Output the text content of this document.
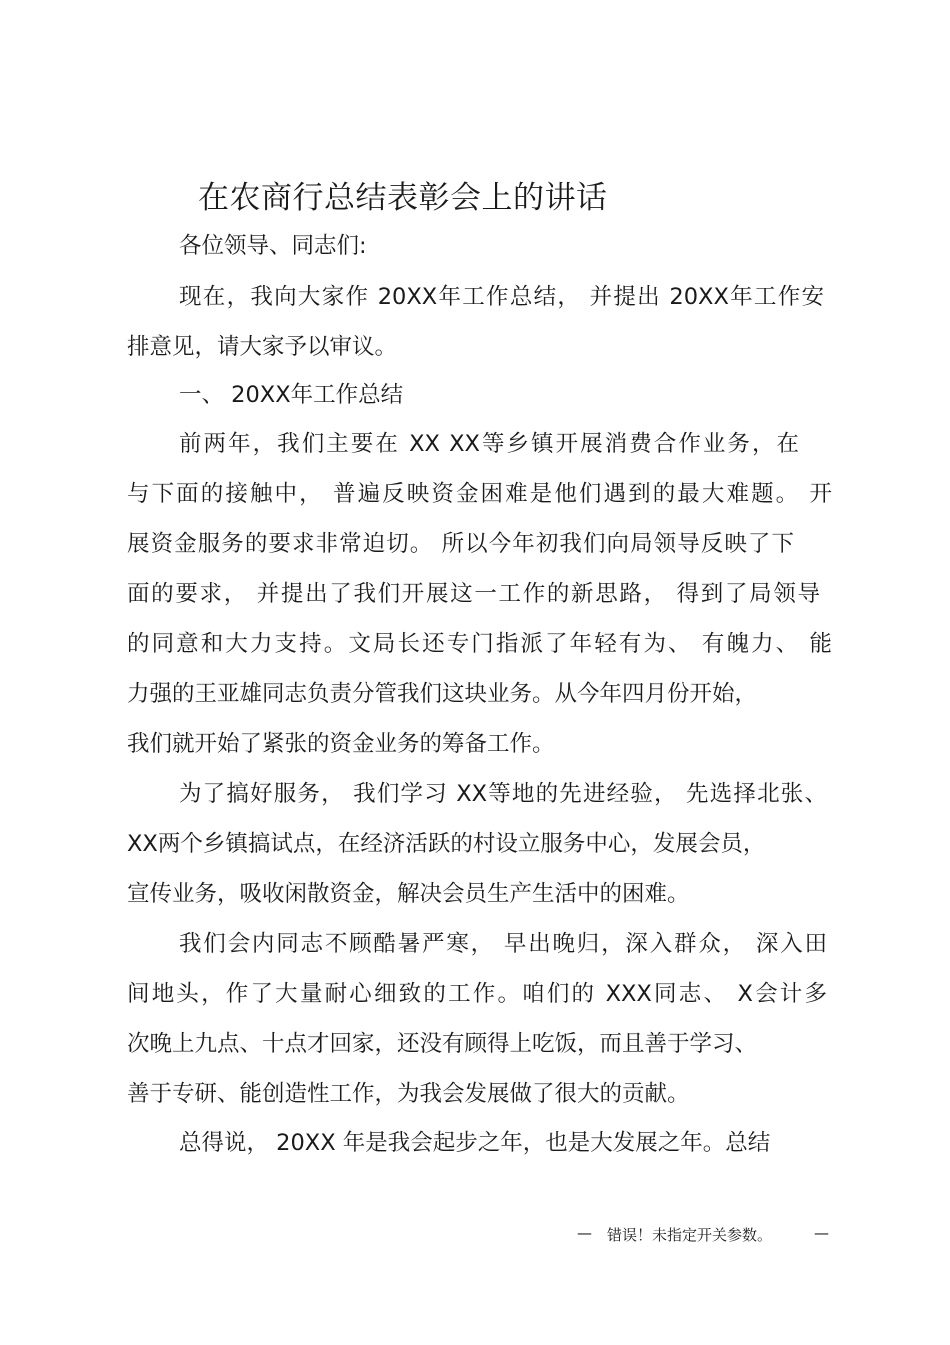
在农商行总结表彰会上的讲话
各位领导、同志们:
现在，我向大家作 20XX年工作总结， 并提出 20XX年工作安
排意见，请大家予以审议。
一、 20XX年工作总结
前两年，我们主要在 XX XX等乡镇开展消费合作业务，在
与下面的接触中， 普遍反映资金困难是他们遇到的最大难题。 开
展资金服务的要求非常迫切。 所以今年初我们向局领导反映了下
面的要求， 并提出了我们开展这一工作的新思路， 得到了局领导
的同意和大力支持。文局长还专门指派了年轻有为、 有魄力、 能
力强的王亚雄同志负责分管我们这块业务。从今年四月份开始，
我们就开始了紧张的资金业务的筹备工作。
为了搞好服务， 我们学习 XX等地的先进经验， 先选择北张、
XX两个乡镇搞试点，在经济活跃的村设立服务中心，发展会员，
宣传业务，吸收闲散资金，解决会员生产生活中的困难。
我们会内同志不顾酷暑严寒， 早出晚归，深入群众， 深入田
间地头，作了大量耐心细致的工作。咱们的 XXX同志、 X会计多
次晚上九点、十点才回家，还没有顾得上吃饭，而且善于学习、
善于专研、能创造性工作，为我会发展做了很大的贡献。
总得说， 20XX 年是我会起步之年，也是大发展之年。总结
— 错误！未指定开关参数。	—
